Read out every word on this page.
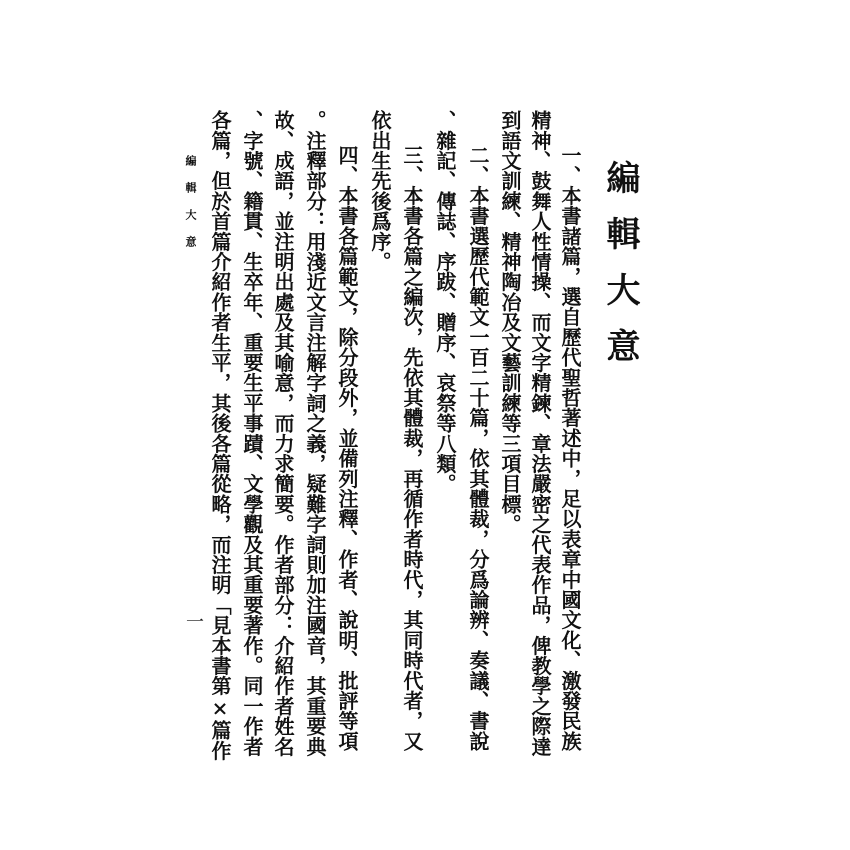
編輯大意
一、本書諸篇，選自歷代聖哲著述中，足以表章中國文化、激發民族
精神、鼓舞人性情操、而文字精鍊、章法嚴密之代表作品，俾教學之際達
到語文訓練、精神陶冶及文藝訓練等三項目標。
二、本書選歷代範文一百二十篇，依其體裁，分爲論辨、奏議、書說
、雜記、傳誌、序跋、贈序、哀祭等八類。
三、本書各篇之編次，先依其體裁，再循作者時代，其同時代者，又
依出生先後爲序。
四、本書各篇範文，除分段外，並備列注釋、作者、說明、批評等項
。注釋部分：用淺近文言注解字詞之義，疑難字詞則加注國音，其重要典
故、成語，並注明出處及其喻意，而力求簡要。作者部分：介紹作者姓名
、字號、籍貫、生卒年、重要生平事蹟、文學觀及其重要著作。同一作者
各篇，但於首篇介紹作者生平，其後各篇從略，而注明「見本書第×篇作
編輯大意
一
